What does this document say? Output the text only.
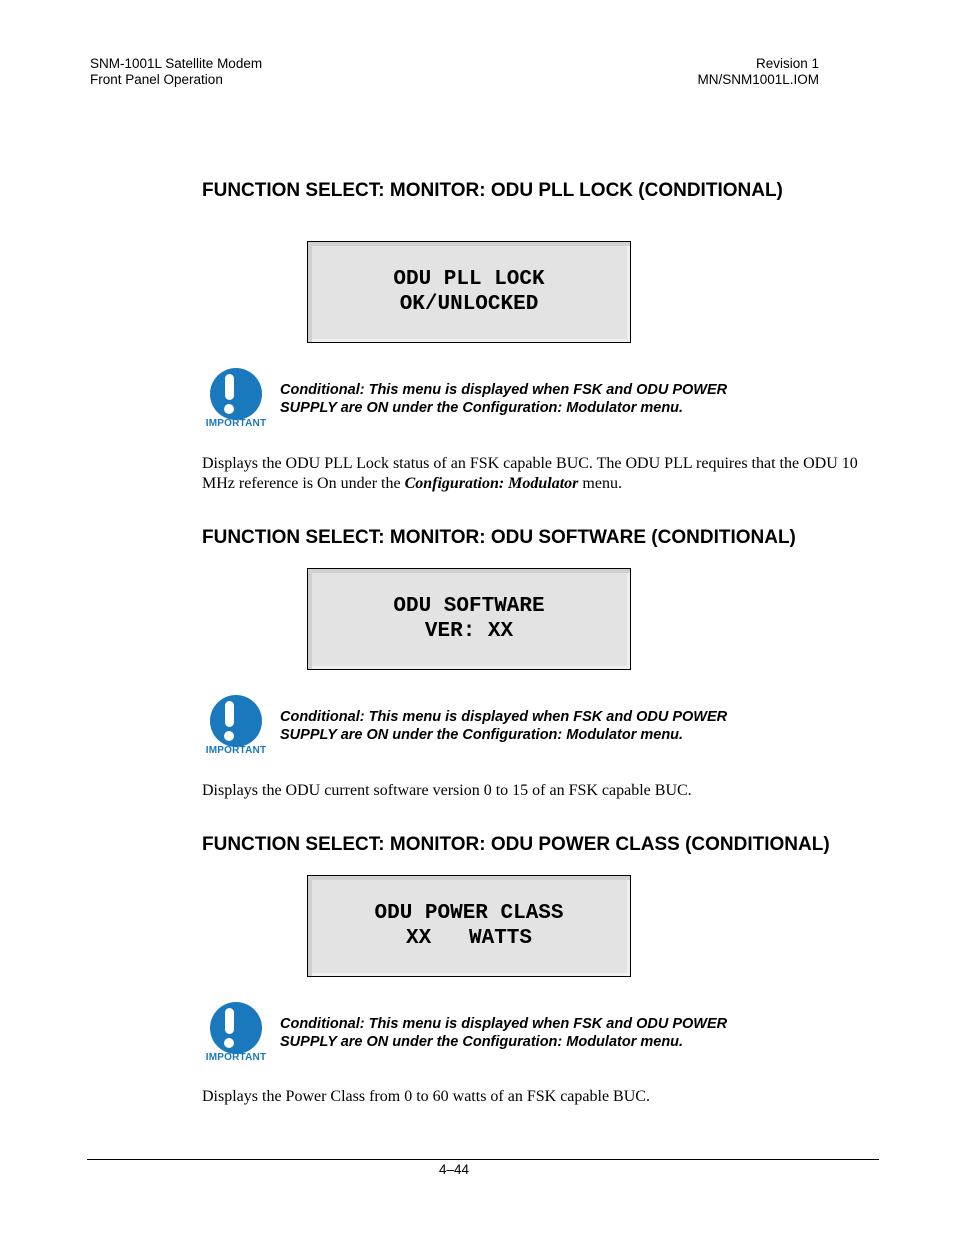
SNM-1001L Satellite Modem
Front Panel Operation
Revision 1
MN/SNM1001L.IOM
FUNCTION SELECT: MONITOR: ODU PLL LOCK (CONDITIONAL)
ODU PLL LOCK
OK/UNLOCKED
IMPORTANT
Conditional: This menu is displayed when FSK and ODU POWER
SUPPLY are ON under the Configuration: Modulator menu.

Displays the ODU PLL Lock status of an FSK capable BUC. The ODU PLL requires that the ODU 10 MHz reference is On under the Configuration: Modulator menu.

FUNCTION SELECT: MONITOR: ODU SOFTWARE (CONDITIONAL)
ODU SOFTWARE
VER: XX
IMPORTANT
Conditional: This menu is displayed when FSK and ODU POWER
SUPPLY are ON under the Configuration: Modulator menu.

Displays the ODU current software version 0 to 15 of an FSK capable BUC.

FUNCTION SELECT: MONITOR: ODU POWER CLASS (CONDITIONAL)
ODU POWER CLASS
XX   WATTS
IMPORTANT
Conditional: This menu is displayed when FSK and ODU POWER
SUPPLY are ON under the Configuration: Modulator menu.

Displays the Power Class from 0 to 60 watts of an FSK capable BUC.

4–44
